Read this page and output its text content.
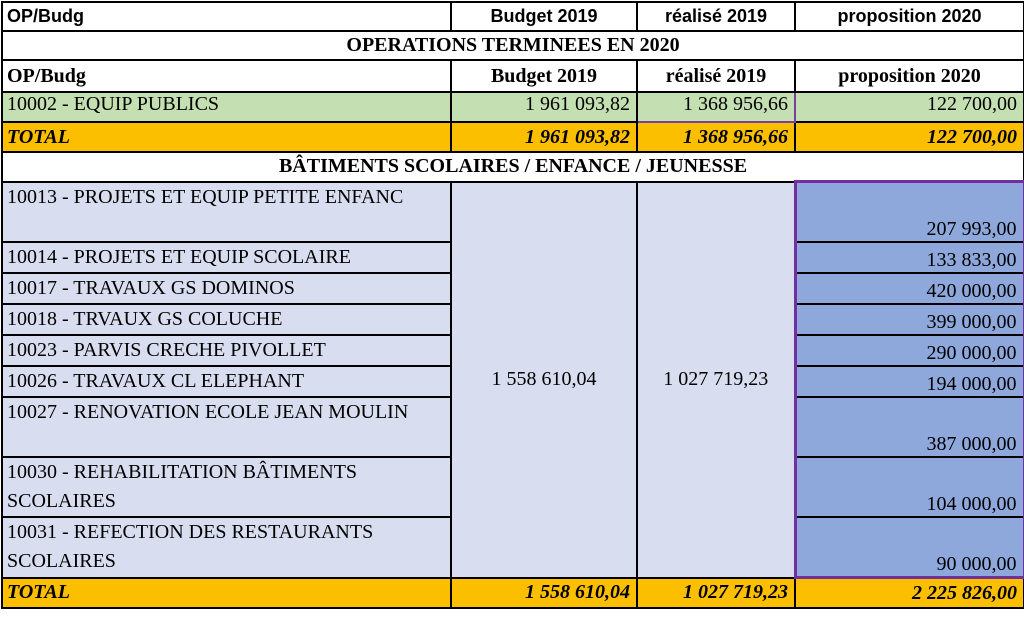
OP/Budg	Budget 2019	réalisé 2019	proposition 2020
OPERATIONS TERMINEES EN 2020			
OP/Budg	Budget 2019	réalisé 2019	proposition 2020
10002 - EQUIP PUBLICS	1 961 093,82	1 368 956,66	122 700,00
TOTAL	1 961 093,82	1 368 956,66	122 700,00
BÂTIMENTS SCOLAIRES / ENFANCE / JEUNESSE			
10013 - PROJETS ET EQUIP PETITE ENFANC	1 558 610,04	1 027 719,23	207 993,00
10014 - PROJETS ET EQUIP SCOLAIRE			133 833,00
10017 - TRAVAUX GS DOMINOS			420 000,00
10018 - TRVAUX GS COLUCHE			399 000,00
10023 - PARVIS CRECHE PIVOLLET			290 000,00
10026 - TRAVAUX CL ELEPHANT			194 000,00
10027 - RENOVATION ECOLE JEAN MOULIN			387 000,00
10030 - REHABILITATION BÂTIMENTS SCOLAIRES			104 000,00
10031 - REFECTION DES RESTAURANTS SCOLAIRES			90 000,00
TOTAL	1 558 610,04	1 027 719,23	2 225 826,00
